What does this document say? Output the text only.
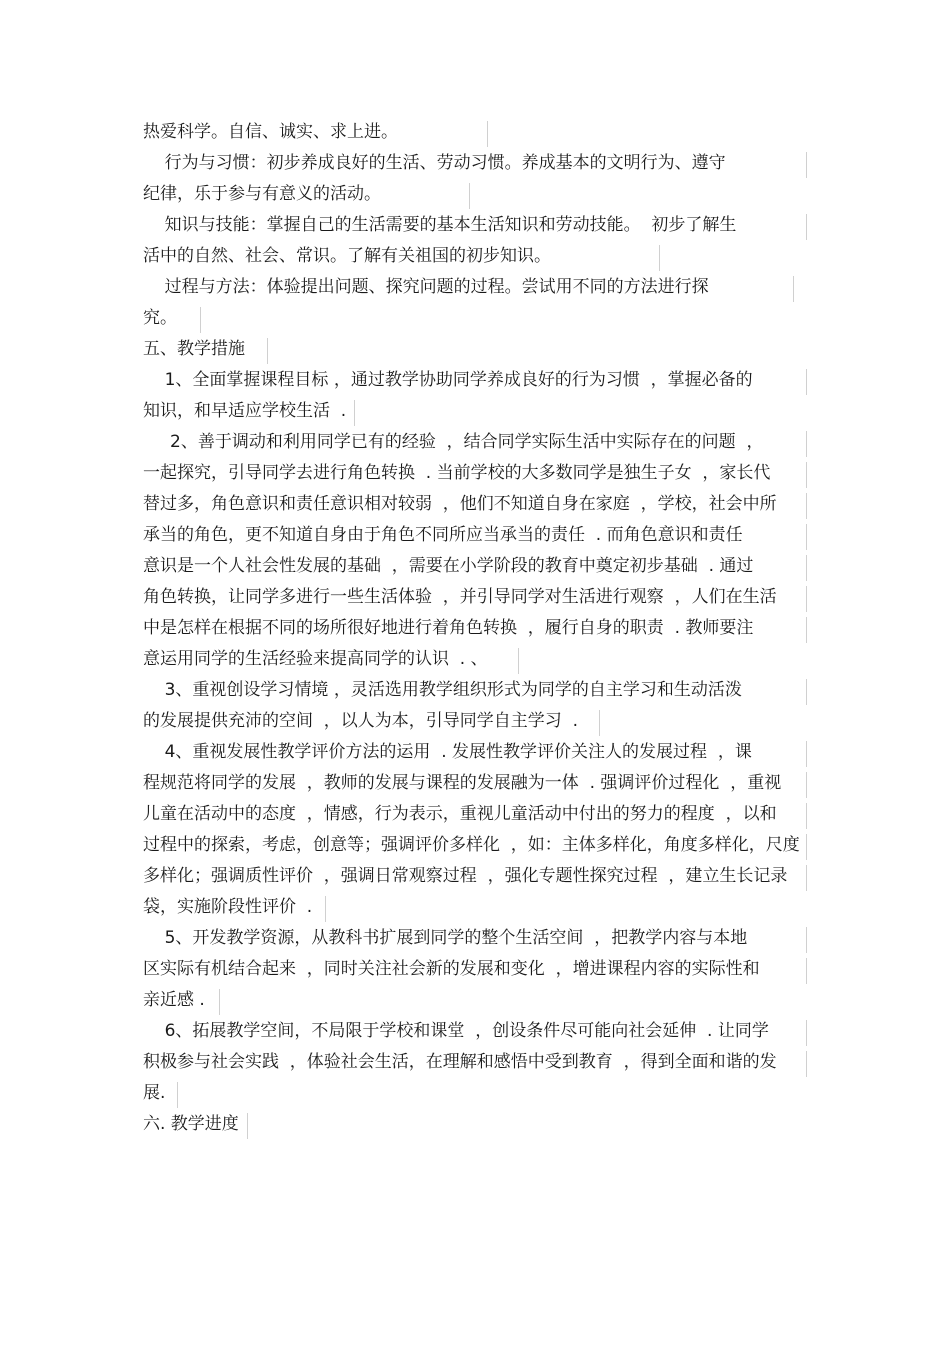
热爱科学。自信、诚实、求上进。
行为与习惯：初步养成良好的生活、劳动习惯。养成基本的文明行为、遵守
纪律，乐于参与有意义的活动。
知识与技能：掌握自己的生活需要的基本生活知识和劳动技能。  初步了解生
活中的自然、社会、常识。了解有关祖国的初步知识。
过程与方法：体验提出问题、探究问题的过程。尝试用不同的方法进行探
究。
五、教学措施
1、全面掌握课程目标 ，通过教学协助同学养成良好的行为习惯  ，掌握必备的
知识，和早适应学校生活  .
2、善于调动和利用同学已有的经验  ，结合同学实际生活中实际存在的问题  ，
一起探究，引导同学去进行角色转换  . 当前学校的大多数同学是独生子女  ，家长代
替过多，角色意识和责任意识相对较弱  ，他们不知道自身在家庭  ，学校，社会中所
承当的角色，更不知道自身由于角色不同所应当承当的责任  . 而角色意识和责任
意识是一个人社会性发展的基础  ，需要在小学阶段的教育中奠定初步基础  . 通过
角色转换，让同学多进行一些生活体验  ，并引导同学对生活进行观察  ，人们在生活
中是怎样在根据不同的场所很好地进行着角色转换  ，履行自身的职责  . 教师要注
意运用同学的生活经验来提高同学的认识  . 、
3、重视创设学习情境 ，灵活选用教学组织形式为同学的自主学习和生动活泼
的发展提供充沛的空间  ，以人为本，引导同学自主学习  .
4、重视发展性教学评价方法的运用  . 发展性教学评价关注人的发展过程  ，课
程规范将同学的发展  ，教师的发展与课程的发展融为一体  . 强调评价过程化  ，重视
儿童在活动中的态度  ，情感，行为表示，重视儿童活动中付出的努力的程度  ，以和
过程中的探索，考虑，创意等；强调评价多样化  ，如：主体多样化，角度多样化，尺度
多样化；强调质性评价  ，强调日常观察过程  ，强化专题性探究过程  ，建立生长记录
袋，实施阶段性评价  .
5、开发教学资源，从教科书扩展到同学的整个生活空间  ，把教学内容与本地
区实际有机结合起来  ，同时关注社会新的发展和变化  ，增进课程内容的实际性和
亲近感 .
6、拓展教学空间，不局限于学校和课堂  ，创设条件尽可能向社会延伸  . 让同学
积极参与社会实践  ，体验社会生活，在理解和感悟中受到教育  ，得到全面和谐的发
展.
六. 教学进度
